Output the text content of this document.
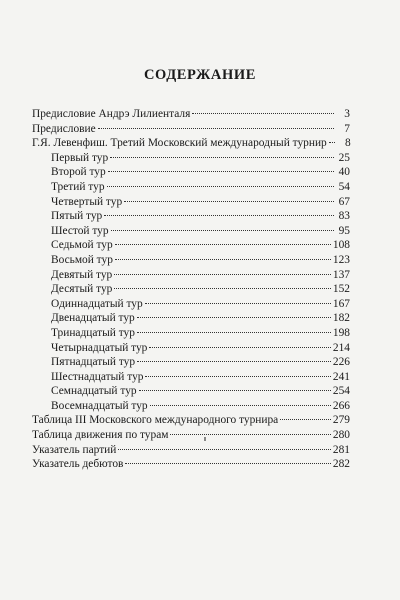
СОДЕРЖАНИЕ
Предисловие Андрэ Лилиенталя	3
Предисловие	7
Г.Я. Левенфиш. Третий Московский международный турнир	8
Первый тур	25
Второй тур	40
Третий тур	54
Четвертый тур	67
Пятый тур	83
Шестой тур	95
Седьмой тур	108
Восьмой тур	123
Девятый тур	137
Десятый тур	152
Одиннадцатый тур	167
Двенадцатый тур	182
Тринадцатый тур	198
Четырнадцатый тур	214
Пятнадцатый тур	226
Шестнадцатый тур	241
Семнадцатый тур	254
Восемнадцатый тур	266
Таблица III Московского международного турнира	279
Таблица движения по турам	280
Указатель партий	281
Указатель дебютов	282
